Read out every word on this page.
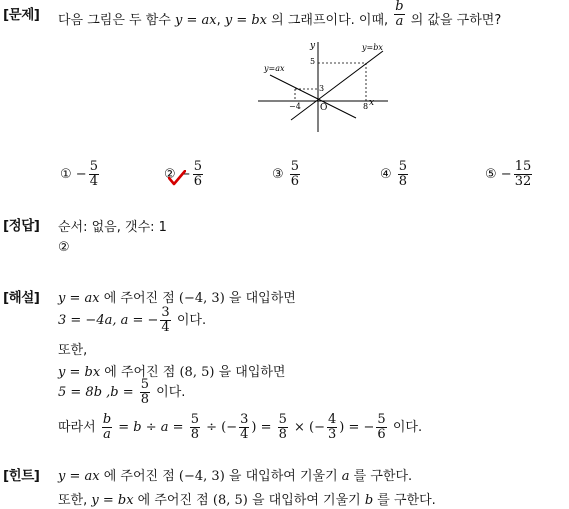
[문제] 다음 그림은 두 함수 y = ax, y = bx 의 그래프이다. 이때, $\frac{b}{a}$ 의 값을 구하면?
y
x
O
y=ax
y=bx
5
3
−4	8
① − $\frac{5}{4}$	② − $\frac{5}{6}$	③ $\frac{5}{6}$	④ $\frac{5}{8}$	⑤ − $\frac{15}{32}$
[정답] 순서: 없음, 갯수: 1
②
[해설] y = ax 에 주어진 점 (−4, 3) 을 대입하면
3 = −4a, a = − $\frac{3}{4}$ 이다.
또한,
y = bx 에 주어진 점 (8, 5) 을 대입하면
5 = 8b $,b = \frac{5}{8}$ 이다.
따라서 $\frac{b}{a} = b \div a = \frac{5}{8}$ ÷ (− $\frac{3}{4}$ ) = $\frac{5}{8}$ × (− $\frac{4}{3}$ ) = − $\frac{5}{6}$ 이다.
[힌트] y = ax 에 주어진 점 (−4, 3) 을 대입하여 기울기 a 를 구한다.
또한, y = bx 에 주어진 점 (8, 5) 을 대입하여 기울기 b 를 구한다.
